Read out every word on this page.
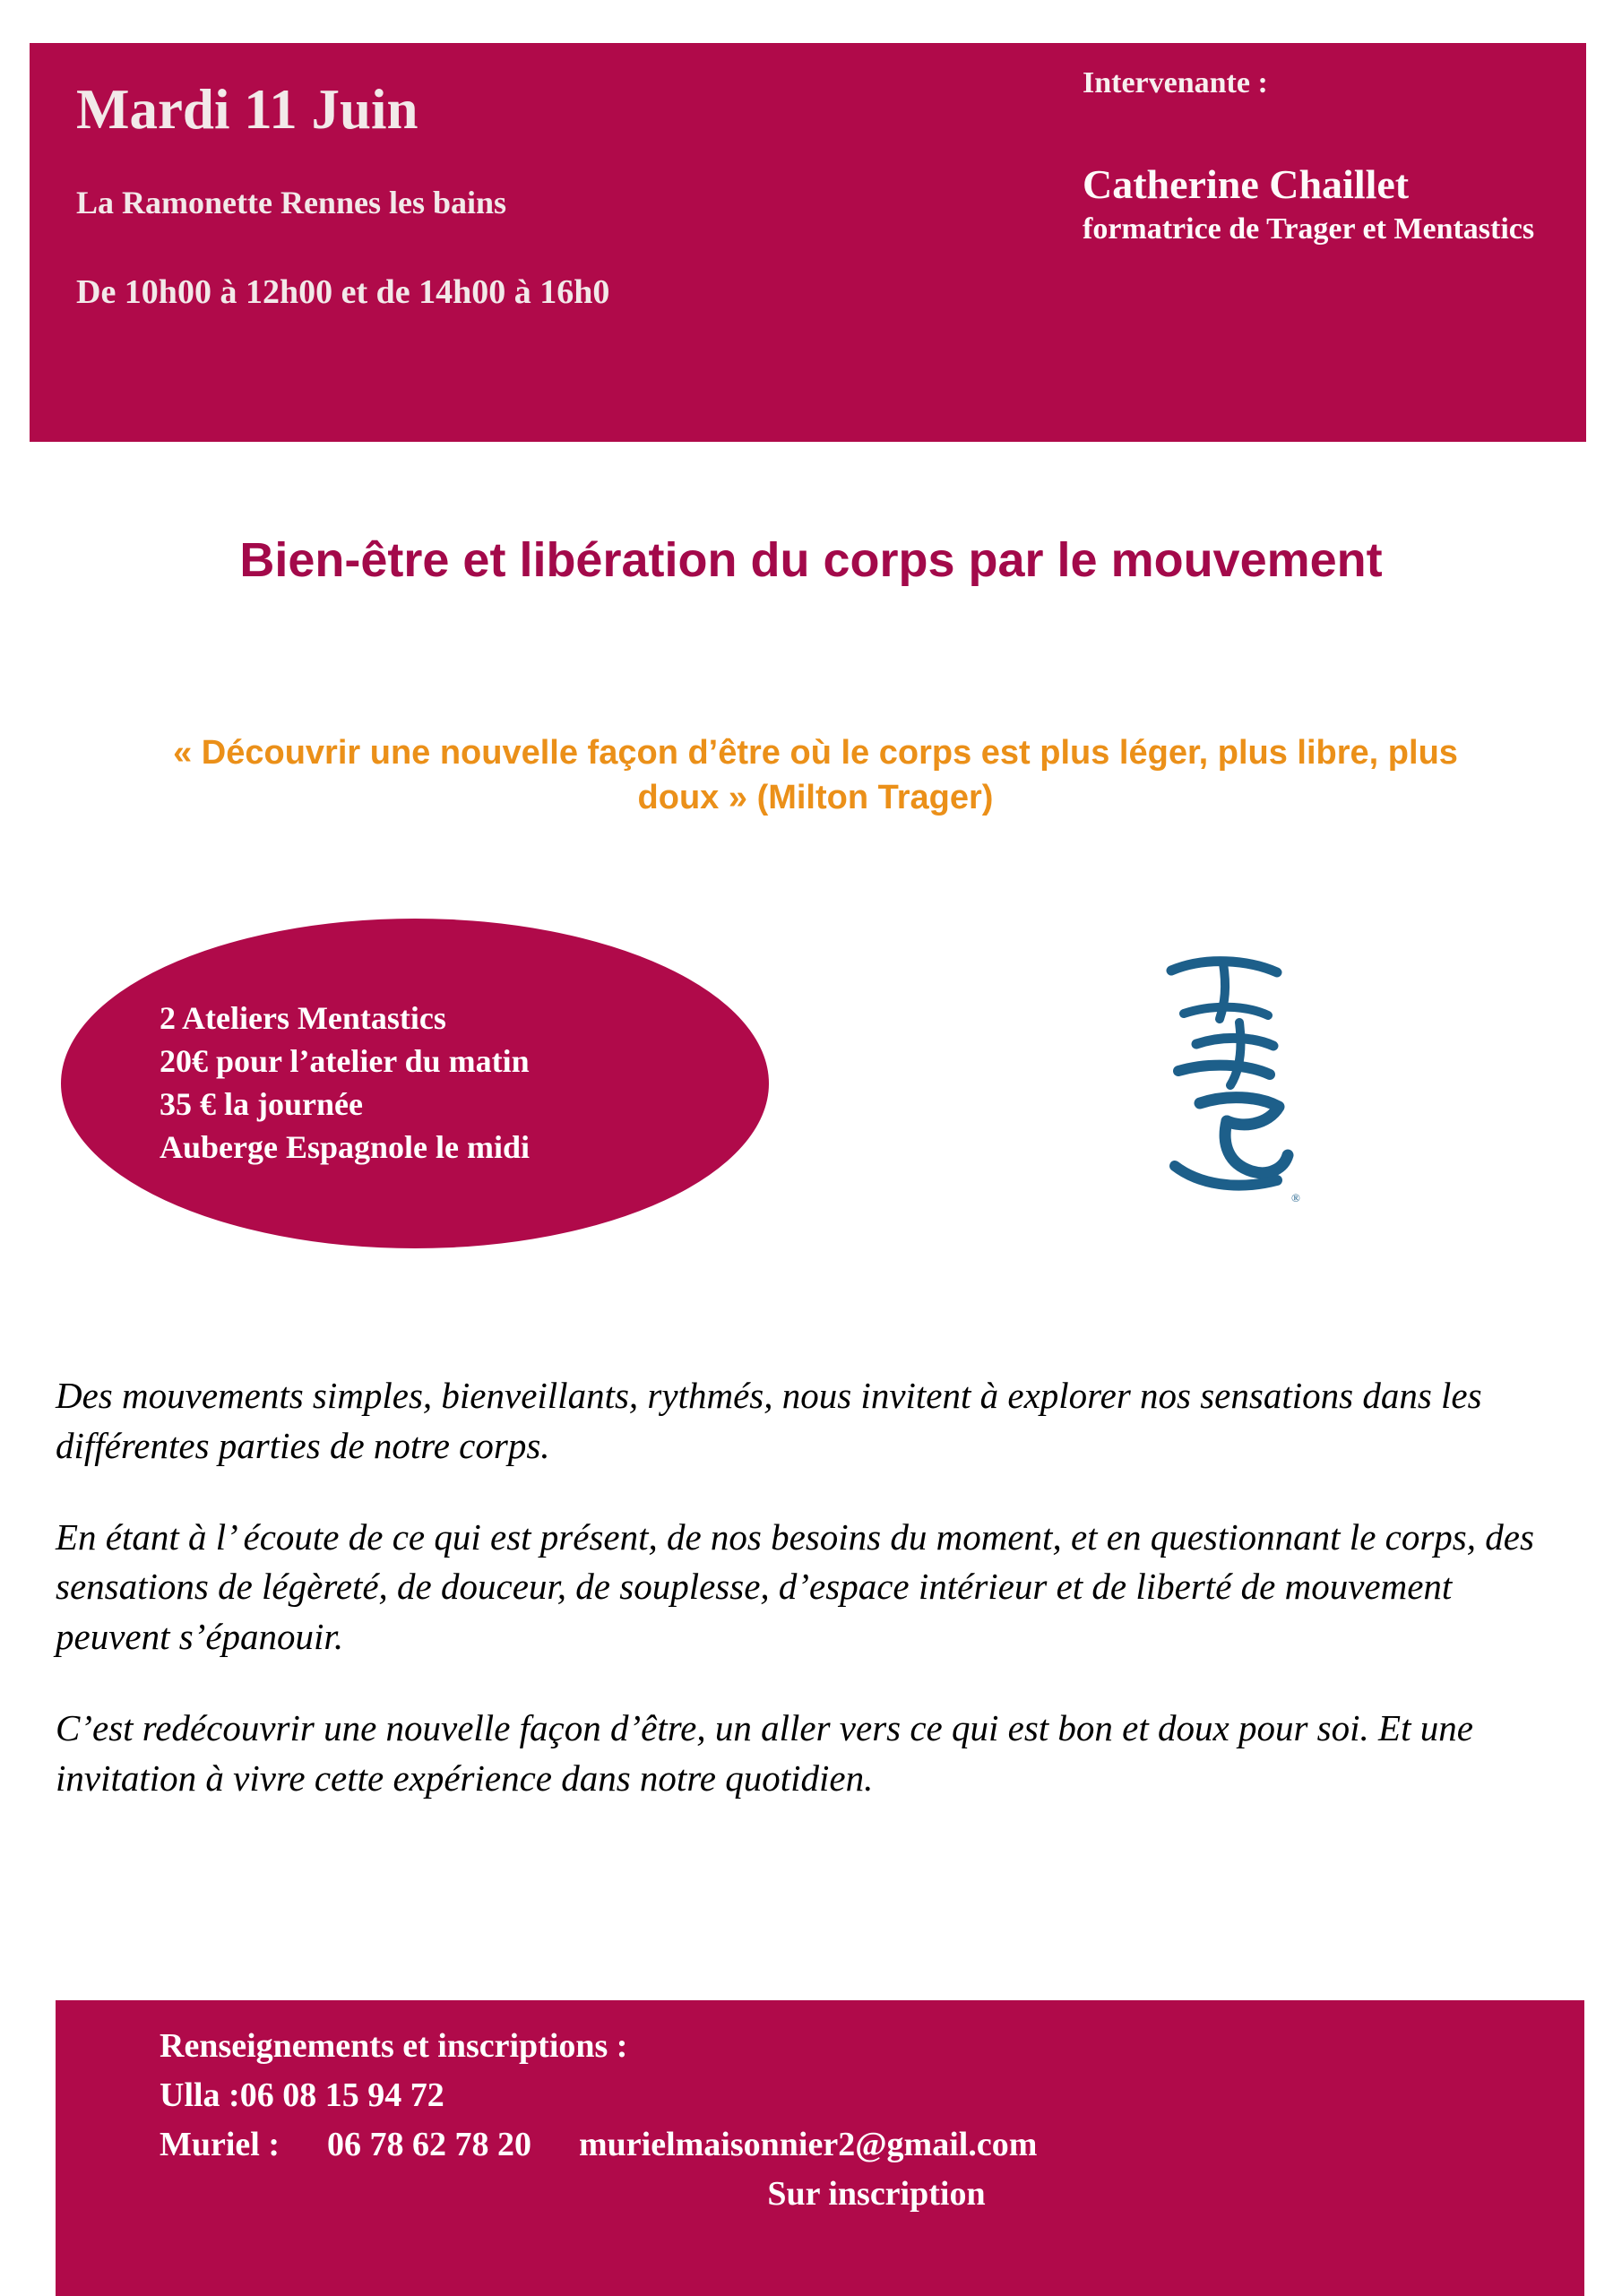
Mardi 11 Juin

La Ramonette Rennes les bains

De 10h00 à 12h00 et de 14h00 à 16h0

Intervenante :

Catherine Chaillet

formatrice de Trager et Mentastics

Bien-être et libération du corps par le mouvement

« Découvrir une nouvelle façon d’être où le corps est plus léger, plus libre, plus doux » (Milton Trager)

«
2 Ateliers Mentastics
20€ pour l’atelier du matin
35 € la journée
Auberge Espagnole le midi
®

Des mouvements simples, bienveillants, rythmés, nous invitent à explorer nos sensations dans les différentes parties de notre corps.

En étant à l’ écoute de ce qui est présent, de nos besoins du moment, et en questionnant le corps, des sensations de légèreté, de douceur, de souplesse, d’espace intérieur et de liberté de mouvement peuvent s’épanouir.

C’est redécouvrir une nouvelle façon d’être, un aller vers ce qui est bon et doux pour soi. Et une invitation à vivre cette expérience dans notre quotidien.

Renseignements et inscriptions :
Ulla :06 08 15 94 72
Muriel : 06 78 62 78 20 murielmaisonnier2@gmail.com
Sur inscription
